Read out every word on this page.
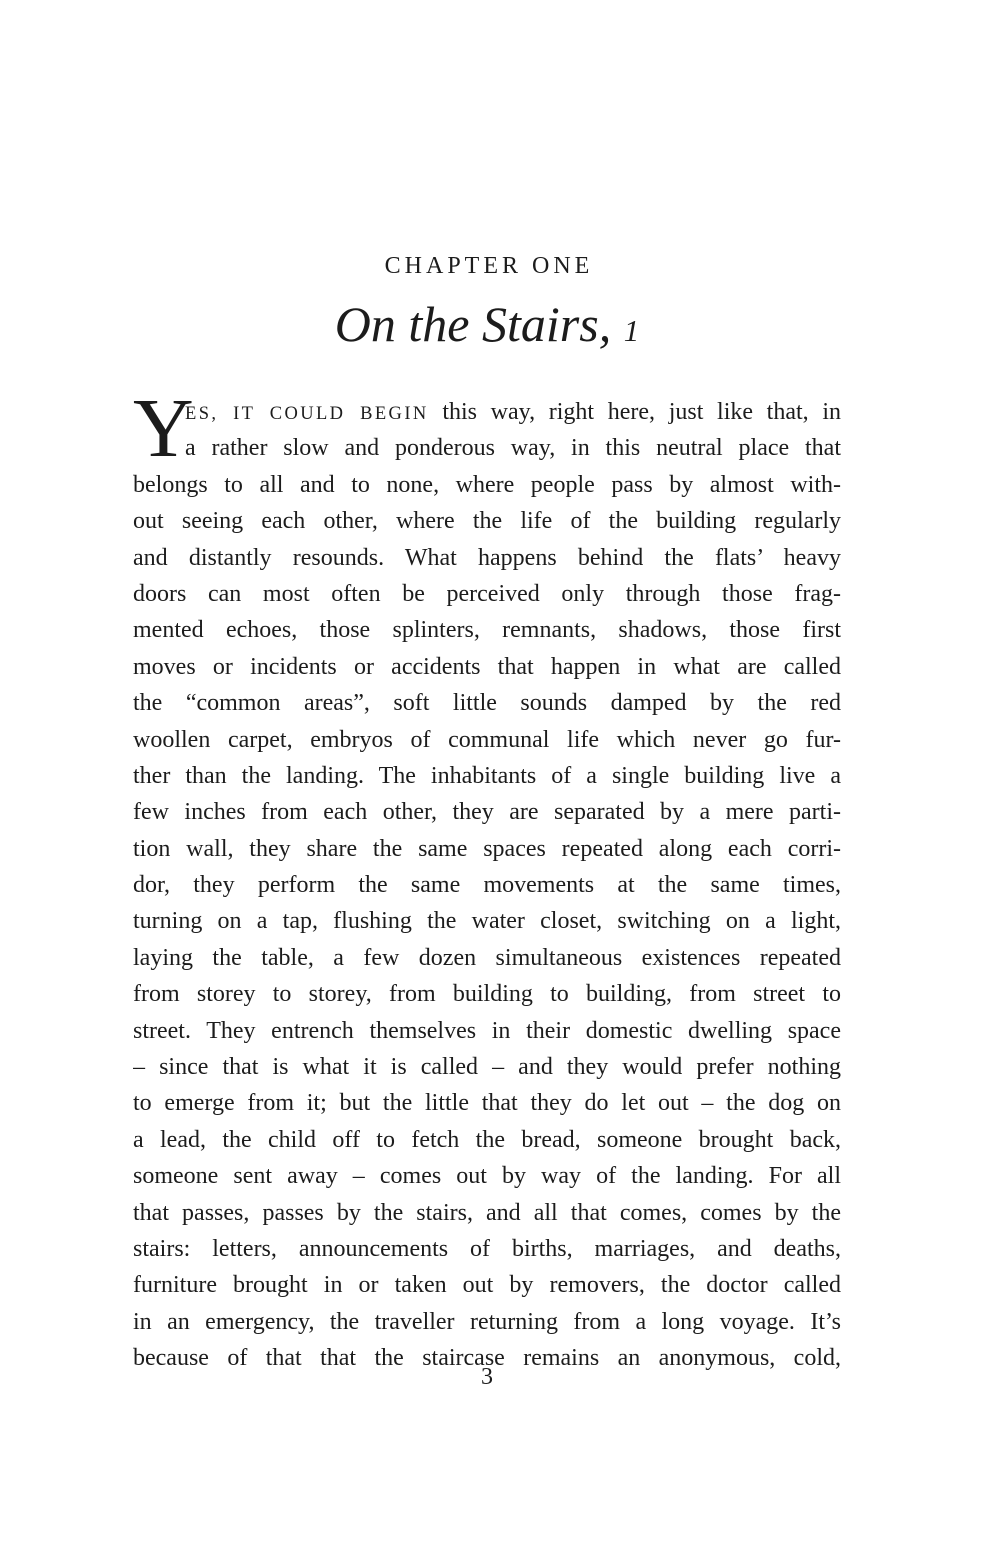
CHAPTER ONE
On the Stairs, 1
Y
ES, IT COULD BEGIN this way, right here, just like that, in
a rather slow and ponderous way, in this neutral place that
belongs to all and to none, where people pass by almost with-
out seeing each other, where the life of the building regularly
and distantly resounds. What happens behind the flats’ heavy
doors can most often be perceived only through those frag-
mented echoes, those splinters, remnants, shadows, those first
moves or incidents or accidents that happen in what are called
the “common areas”, soft little sounds damped by the red
woollen carpet, embryos of communal life which never go fur-
ther than the landing. The inhabitants of a single building live a
few inches from each other, they are separated by a mere parti-
tion wall, they share the same spaces repeated along each corri-
dor, they perform the same movements at the same times,
turning on a tap, flushing the water closet, switching on a light,
laying the table, a few dozen simultaneous existences repeated
from storey to storey, from building to building, from street to
street. They entrench themselves in their domestic dwelling space
– since that is what it is called – and they would prefer nothing
to emerge from it; but the little that they do let out – the dog on
a lead, the child off to fetch the bread, someone brought back,
someone sent away – comes out by way of the landing. For all
that passes, passes by the stairs, and all that comes, comes by the
stairs: letters, announcements of births, marriages, and deaths,
furniture brought in or taken out by removers, the doctor called
in an emergency, the traveller returning from a long voyage. It’s
because of that that the staircase remains an anonymous, cold,
3
